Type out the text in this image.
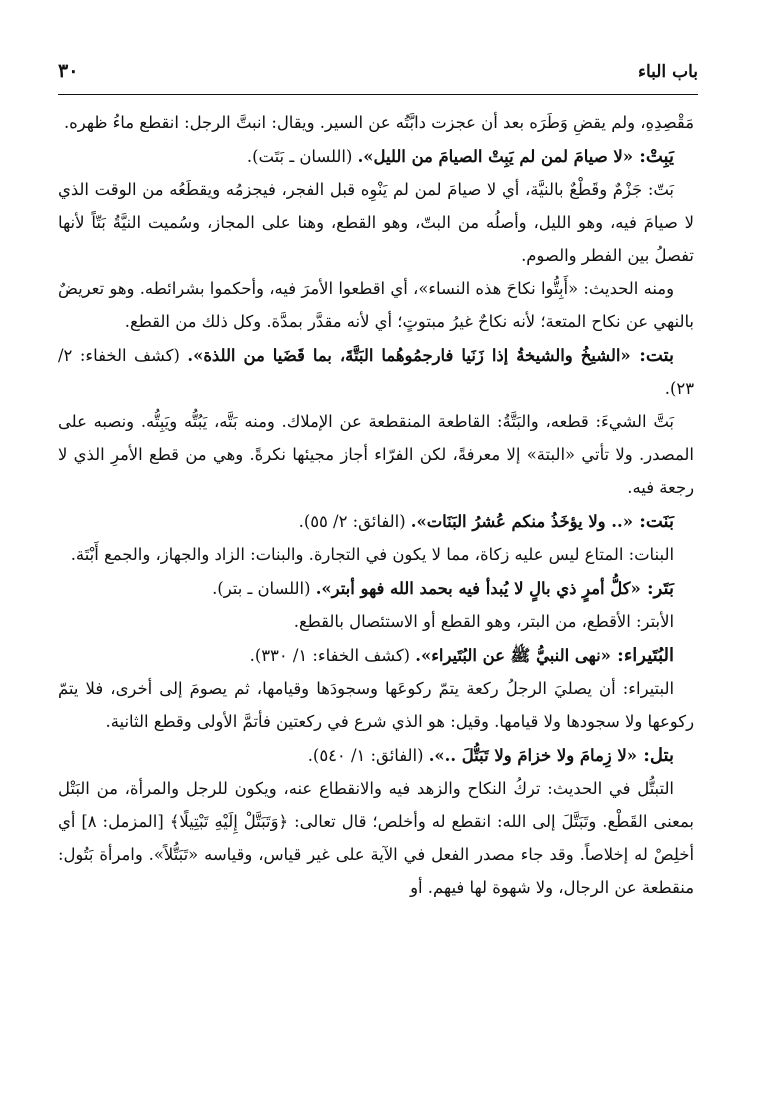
باب الباء
٣٠

مَقْصِدِهِ، ولم يقضِ وَطَرَه بعد أن عجزت دابَّتُه عن السير. ويقال: انبتَّ الرجل: انقطع ماءُ ظهره.

يَبِتْ: «لا صيامَ لمن لم يَبِتْ الصيامَ من الليل». (اللسان ـ بَتَت).

بَتّ: جَزْمٌ وقَطْعٌ بالنيَّة، أي لا صيامَ لمن لم يَنْوِه قبل الفجر، فيجزمُه ويقطَعُه من الوقت الذي لا صيامَ فيه، وهو الليل، وأصلُه من البتّ، وهو القطع، وهنا على المجاز، وسُميت النيَّةُ بَتّاً لأنها تفصلُ بين الفطر والصوم.

ومنه الحديث: «أَبِتُّوا نكاحَ هذه النساء»، أي اقطعوا الأمرَ فيه، وأحكموا بشرائطه. وهو تعريضٌ بالنهي عن نكاح المتعة؛ لأنه نكاحٌ غيرُ مبتوتٍ؛ أي لأنه مقدَّر بمدَّة. وكل ذلك من القطع.

بتت: «الشيخُ والشيخةُ إذا زَنَيا فارجمُوهُما البَتَّةَ، بما قَضَيا من اللذة». (كشف الخفاء: ٢/ ٢٣).

بَتَّ الشيءَ: قطعه، والبَتَّةُ: القاطعة المنقطعة عن الإملاك. ومنه بَتَّه، يَبُتُّه ويَبِتُّه. ونصبه على المصدر. ولا تأتي «البتة» إلا معرفةً، لكن الفرّاء أجاز مجيئها نكرةً. وهي من قطع الأمرِ الذي لا رجعة فيه.

بَنَت: «.. ولا يؤخَذُ منكم عُشرُ البَنَات». (الفائق: ٢/ ٥٥).

البنات: المتاع ليس عليه زكاة، مما لا يكون في التجارة. والبنات: الزاد والجهاز، والجمع أَبْتَة.

بَتَر: «كلُّ أمرٍ ذي بالٍ لا يُبدأ فيه بحمد الله فهو أبتر». (اللسان ـ بتر).

الأبتر: الأقطع، من البتر، وهو القطع أو الاستئصال بالقطع.

البُتَيراء: «نهى النبيُّ ﷺ عن البُتَيراء». (كشف الخفاء: ١/ ٣٣٠).

البتيراء: أن يصليَ الرجلُ ركعة يتمّ ركوعَها وسجودَها وقيامها، ثم يصومَ إلى أخرى، فلا يتمّ ركوعها ولا سجودها ولا قيامها. وقيل: هو الذي شرع في ركعتين فأتمَّ الأولى وقطع الثانية.

بتل: «لا زِمامَ ولا خزامَ ولا تَبَتُّلَ ..». (الفائق: ١/ ٥٤٠).

التبتُّل في الحديث: تركُ النكاح والزهد فيه والانقطاع عنه، ويكون للرجل والمرأة، من البَتْل بمعنى القَطْع. وتَبَتَّلَ إلى الله: انقطع له وأخلص؛ قال تعالى: ﴿وَتَبَتَّلْ إِلَيْهِ تَبْتِيلًا﴾ [المزمل: ٨] أي أخلِصْ له إخلاصاً. وقد جاء مصدر الفعل في الآية على غير قياس، وقياسه «تَبَتُّلاً». وامرأة بَتُول: منقطعة عن الرجال، ولا شهوة لها فيهم. أو
